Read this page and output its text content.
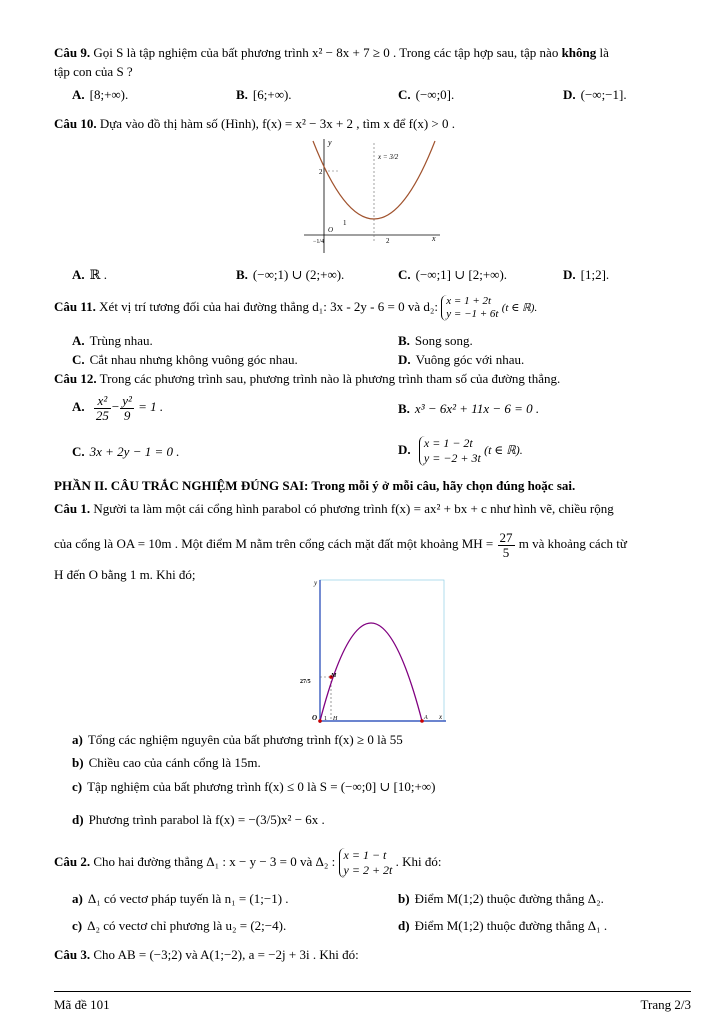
Câu 9. Gọi S là tập nghiệm của bất phương trình x² − 8x + 7 ≥ 0 . Trong các tập hợp sau, tập nào không là
tập con của S ?
A. [8;+∞).	B. [6;+∞).	C. (−∞;0].	D. (−∞;−1].
Câu 10. Dựa vào đồ thị hàm số (Hình), f(x) = x² − 3x + 2 , tìm x để f(x) > 0 .
y
x
O
2
1
2
−1/4
x = 3/2
A. ℝ .	B. (−∞;1) ∪ (2;+∞).	C. (−∞;1] ∪ [2;+∞).	D. [1;2].
Câu 11. Xét vị trí tương đối của hai đường thẳng d₁: 3x - 2y - 6 = 0 và d₂: x = 1 + 2t
y = −1 + 6t
(t ∈ ℝ).
A. Trùng nhau.	B. Song song.
C. Cắt nhau nhưng không vuông góc nhau.	D. Vuông góc với nhau.
Câu 12. Trong các phương trình sau, phương trình nào là phương trình tham số của đường thẳng.
A. $\frac{\text{x²}}{25} - \frac{\text{y²}}{9} = 1$ .	B. x³ − 6x² + 11x − 6 = 0 .
C. 3x + 2y − 1 = 0 .	D. x = 1 − 2t
y = −2 + 3t
(t ∈ ℝ).
PHẦN II. CÂU TRẮC NGHIỆM ĐÚNG SAI: Trong mỗi ý ở mỗi câu, hãy chọn đúng hoặc sai.
Câu 1. Người ta làm một cái cổng hình parabol có phương trình f(x) = ax² + bx + c như hình vẽ, chiều rộng
của cổng là OA = 10m . Một điểm M nằm trên cổng cách mặt đất một khoảng MH = $\frac{27}{5}$ m và khoảng cách từ
H đến O bằng 1 m. Khi đó;
y
x
O 1 H
M
A
27/5
a) Tổng các nghiệm nguyên của bất phương trình f(x) ≥ 0 là 55
b) Chiều cao của cánh cổng là 15m.
c) Tập nghiệm của bất phương trình f(x) ≤ 0 là S = (−∞;0] ∪ [10;+∞)
d) Phương trình parabol là f(x) = −(3/5)x² − 6x .
Câu 2. Cho hai đường thẳng Δ₁ : x − y − 3 = 0 và Δ₂ : x = 1 − t
y = 2 + 2t
. Khi đó:
a) Δ₁ có vectơ pháp tuyến là n₁ = (1;−1) .	b) Điểm M(1;2) thuộc đường thẳng Δ₂.
c) Δ₂ có vectơ chỉ phương là u₂ = (2;−4).	d) Điểm M(1;2) thuộc đường thẳng Δ₁ .
Câu 3. Cho AB = (−3;2) và A(1;−2), a = −2j + 3i . Khi đó:
Mã đề 101	Trang 2/3
